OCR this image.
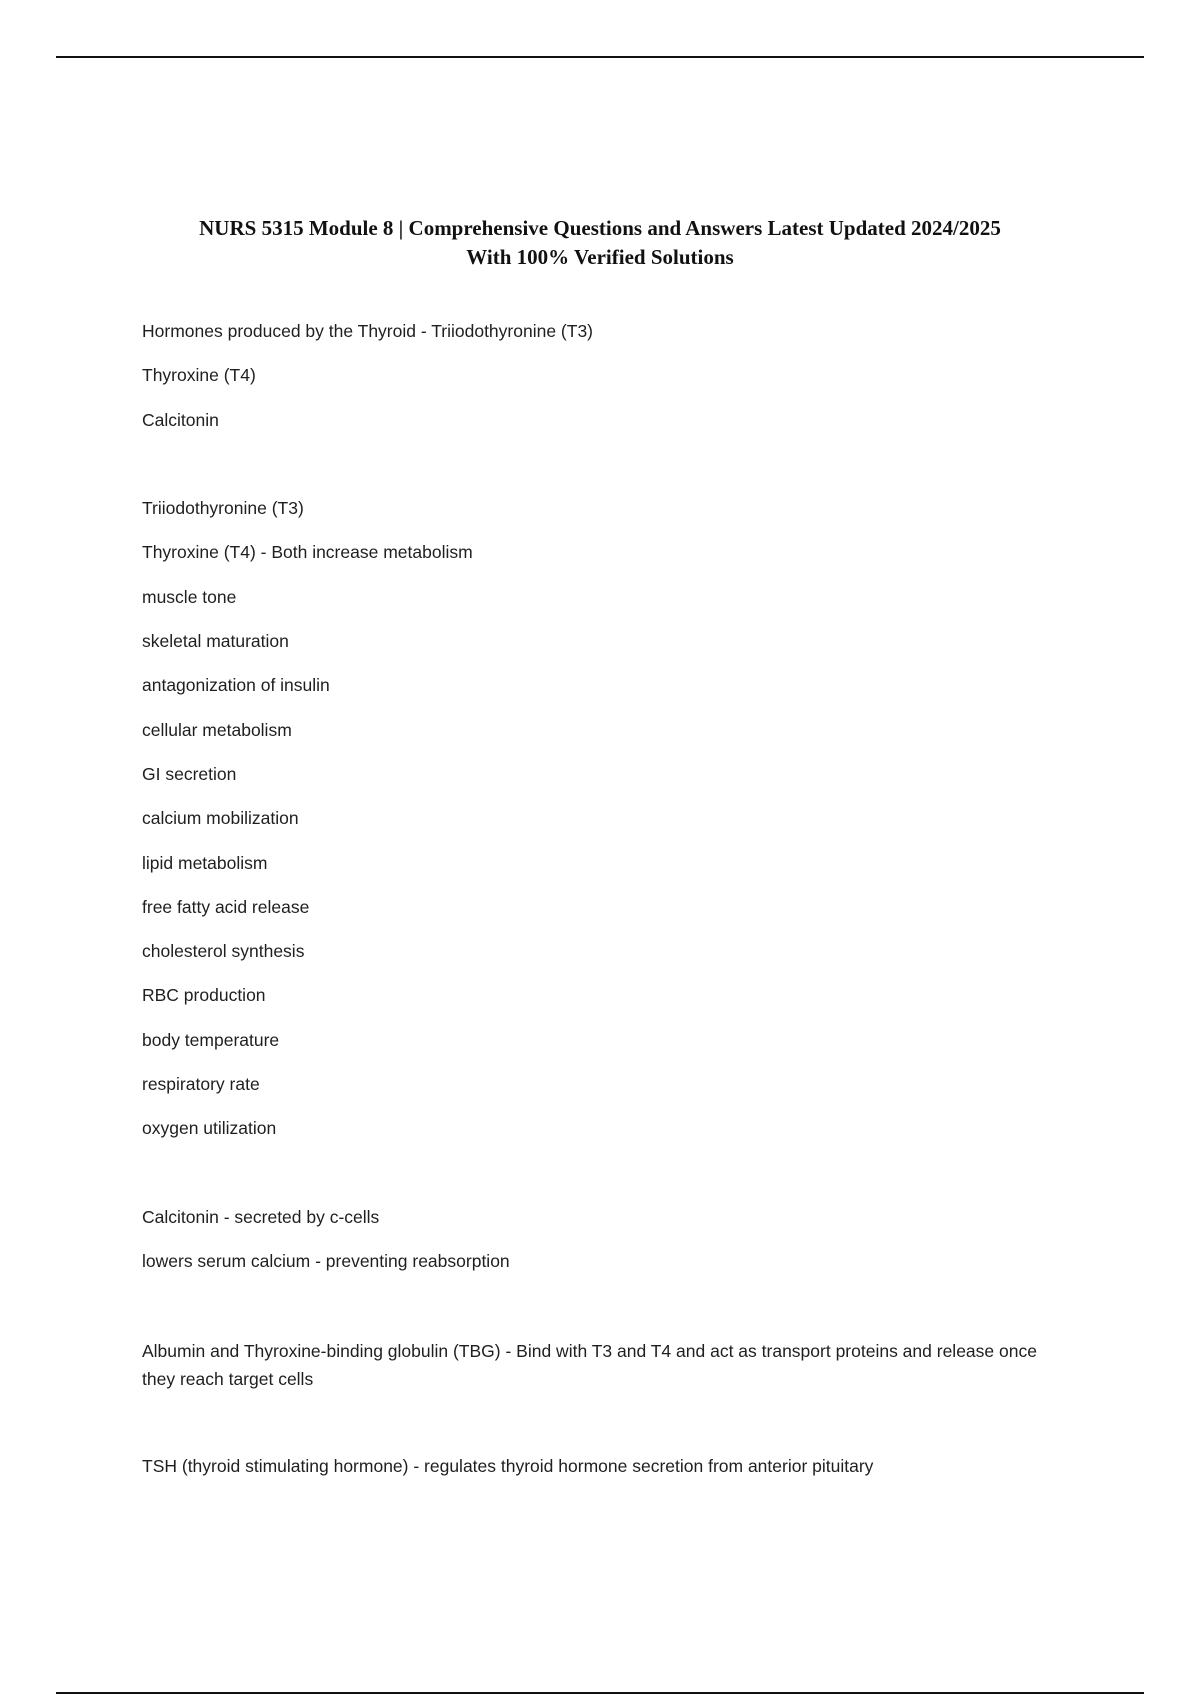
NURS 5315 Module 8 | Comprehensive Questions and Answers Latest Updated 2024/2025
With 100% Verified Solutions
Hormones produced by the Thyroid - Triiodothyronine (T3)
Thyroxine (T4)
Calcitonin
Triiodothyronine (T3)
Thyroxine (T4) - Both increase metabolism
muscle tone
skeletal maturation
antagonization of insulin
cellular metabolism
GI secretion
calcium mobilization
lipid metabolism
free fatty acid release
cholesterol synthesis
RBC production
body temperature
respiratory rate
oxygen utilization
Calcitonin - secreted by c-cells
lowers serum calcium - preventing reabsorption
Albumin and Thyroxine-binding globulin (TBG) - Bind with T3 and T4 and act as transport proteins and release once they reach target cells
TSH (thyroid stimulating hormone) - regulates thyroid hormone secretion from anterior pituitary
